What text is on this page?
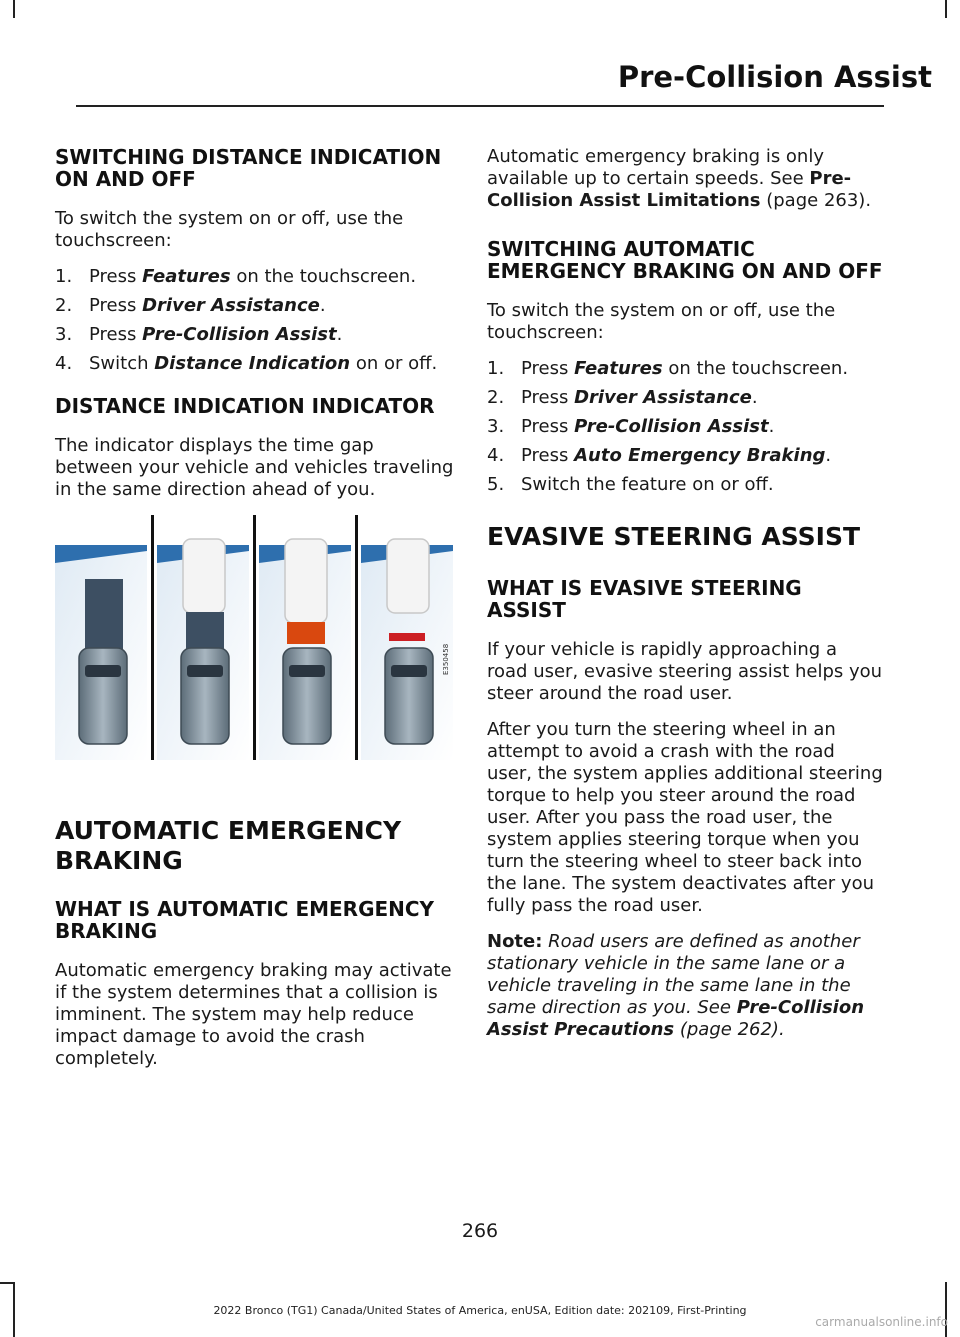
Pre-Collision Assist
SWITCHING DISTANCE INDICATION ON AND OFF

To switch the system on or off, use the touchscreen:

1. Press Features on the touchscreen.
2. Press Driver Assistance.
3. Press Pre-Collision Assist.
4. Switch Distance Indication on or off.
DISTANCE INDICATION INDICATOR

The indicator displays the time gap between your vehicle and vehicles traveling in the same direction ahead of you.

E350458
AUTOMATIC EMERGENCY BRAKING
WHAT IS AUTOMATIC EMERGENCY BRAKING

Automatic emergency braking may activate if the system determines that a collision is imminent. The system may help reduce impact damage to avoid the crash completely.

Automatic emergency braking is only available up to certain speeds. See Pre-Collision Assist Limitations (page 263).

SWITCHING AUTOMATIC EMERGENCY BRAKING ON AND OFF

To switch the system on or off, use the touchscreen:

1. Press Features on the touchscreen.
2. Press Driver Assistance.
3. Press Pre-Collision Assist.
4. Press Auto Emergency Braking.
5. Switch the feature on or off.
EVASIVE STEERING ASSIST
WHAT IS EVASIVE STEERING ASSIST

If your vehicle is rapidly approaching a road user, evasive steering assist helps you steer around the road user.

After you turn the steering wheel in an attempt to avoid a crash with the road user, the system applies additional steering torque to help you steer around the road user. After you pass the road user, the system applies steering torque when you turn the steering wheel to steer back into the lane. The system deactivates after you fully pass the road user.

Note: Road users are defined as another stationary vehicle in the same lane or a vehicle traveling in the same lane in the same direction as you. See Pre-Collision Assist Precautions (page 262).

266
2022 Bronco (TG1) Canada/United States of America, enUSA, Edition date: 202109, First-Printing
carmanualsonline.info
